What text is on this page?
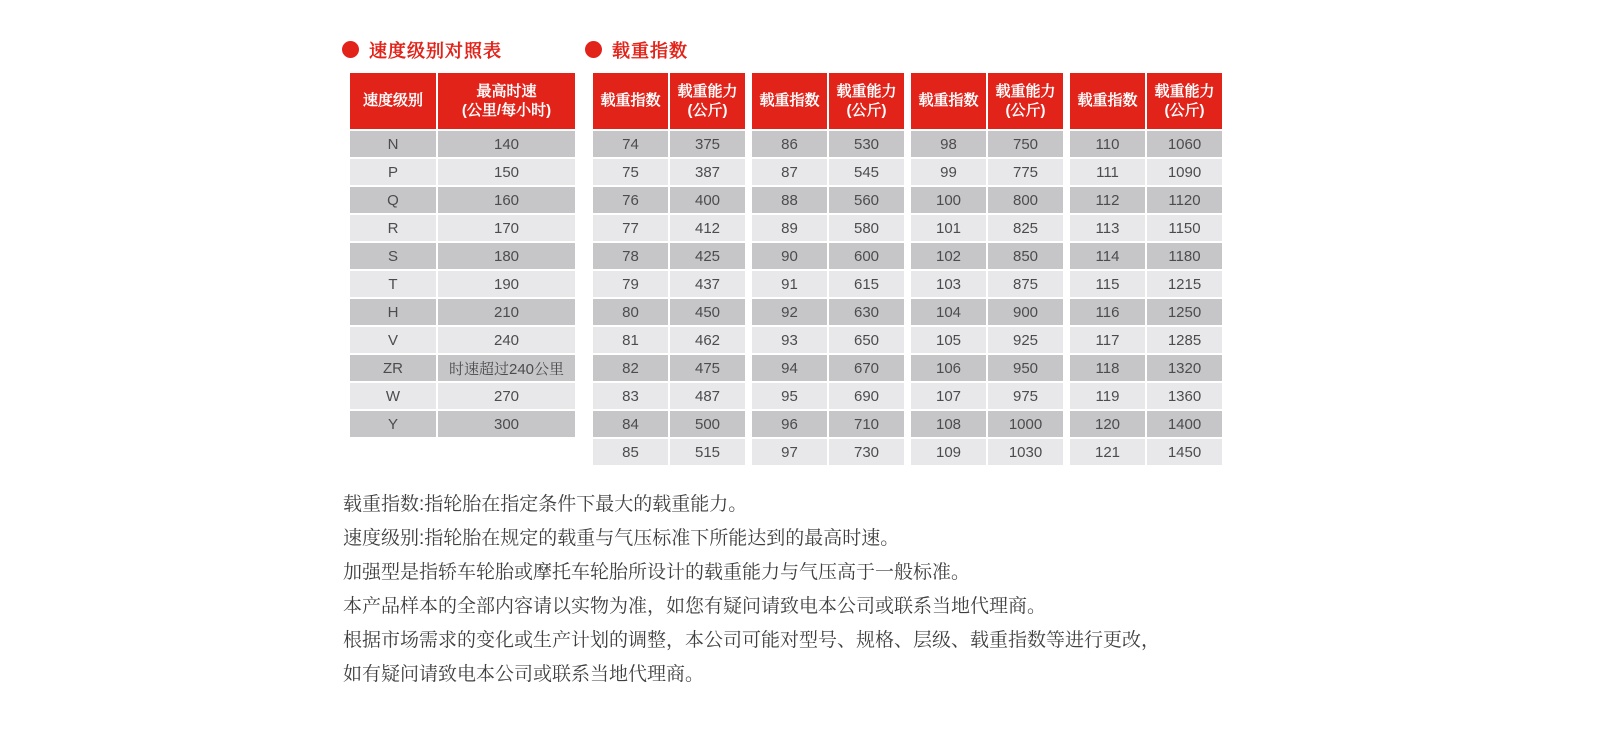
速度级别对照表
速度级别
最高时速
(公里/每小时)
N	140
P	150
Q	160
R	170
S	180
T	190
H	210
V	240
ZR	时速超过240公里
W	270
Y	300
载重指数
载重指数
载重能力
(公斤)
74	375
75	387
76	400
77	412
78	425
79	437
80	450
81	462
82	475
83	487
84	500
85	515
载重指数
载重能力
(公斤)
86	530
87	545
88	560
89	580
90	600
91	615
92	630
93	650
94	670
95	690
96	710
97	730
载重指数
载重能力
(公斤)
98	750
99	775
100	800
101	825
102	850
103	875
104	900
105	925
106	950
107	975
108	1000
109	1030
载重指数
载重能力
(公斤)
110	1060
111	1090
112	1120
113	1150
114	1180
115	1215
116	1250
117	1285
118	1320
119	1360
120	1400
121	1450
载重指数:指轮胎在指定条件下最大的载重能力。
速度级别:指轮胎在规定的载重与气压标准下所能达到的最高时速。
加强型是指轿车轮胎或摩托车轮胎所设计的载重能力与气压高于一般标准。
本产品样本的全部内容请以实物为准，如您有疑问请致电本公司或联系当地代理商。
根据市场需求的变化或生产计划的调整，本公司可能对型号、规格、层级、载重指数等进行更改，
如有疑问请致电本公司或联系当地代理商。
